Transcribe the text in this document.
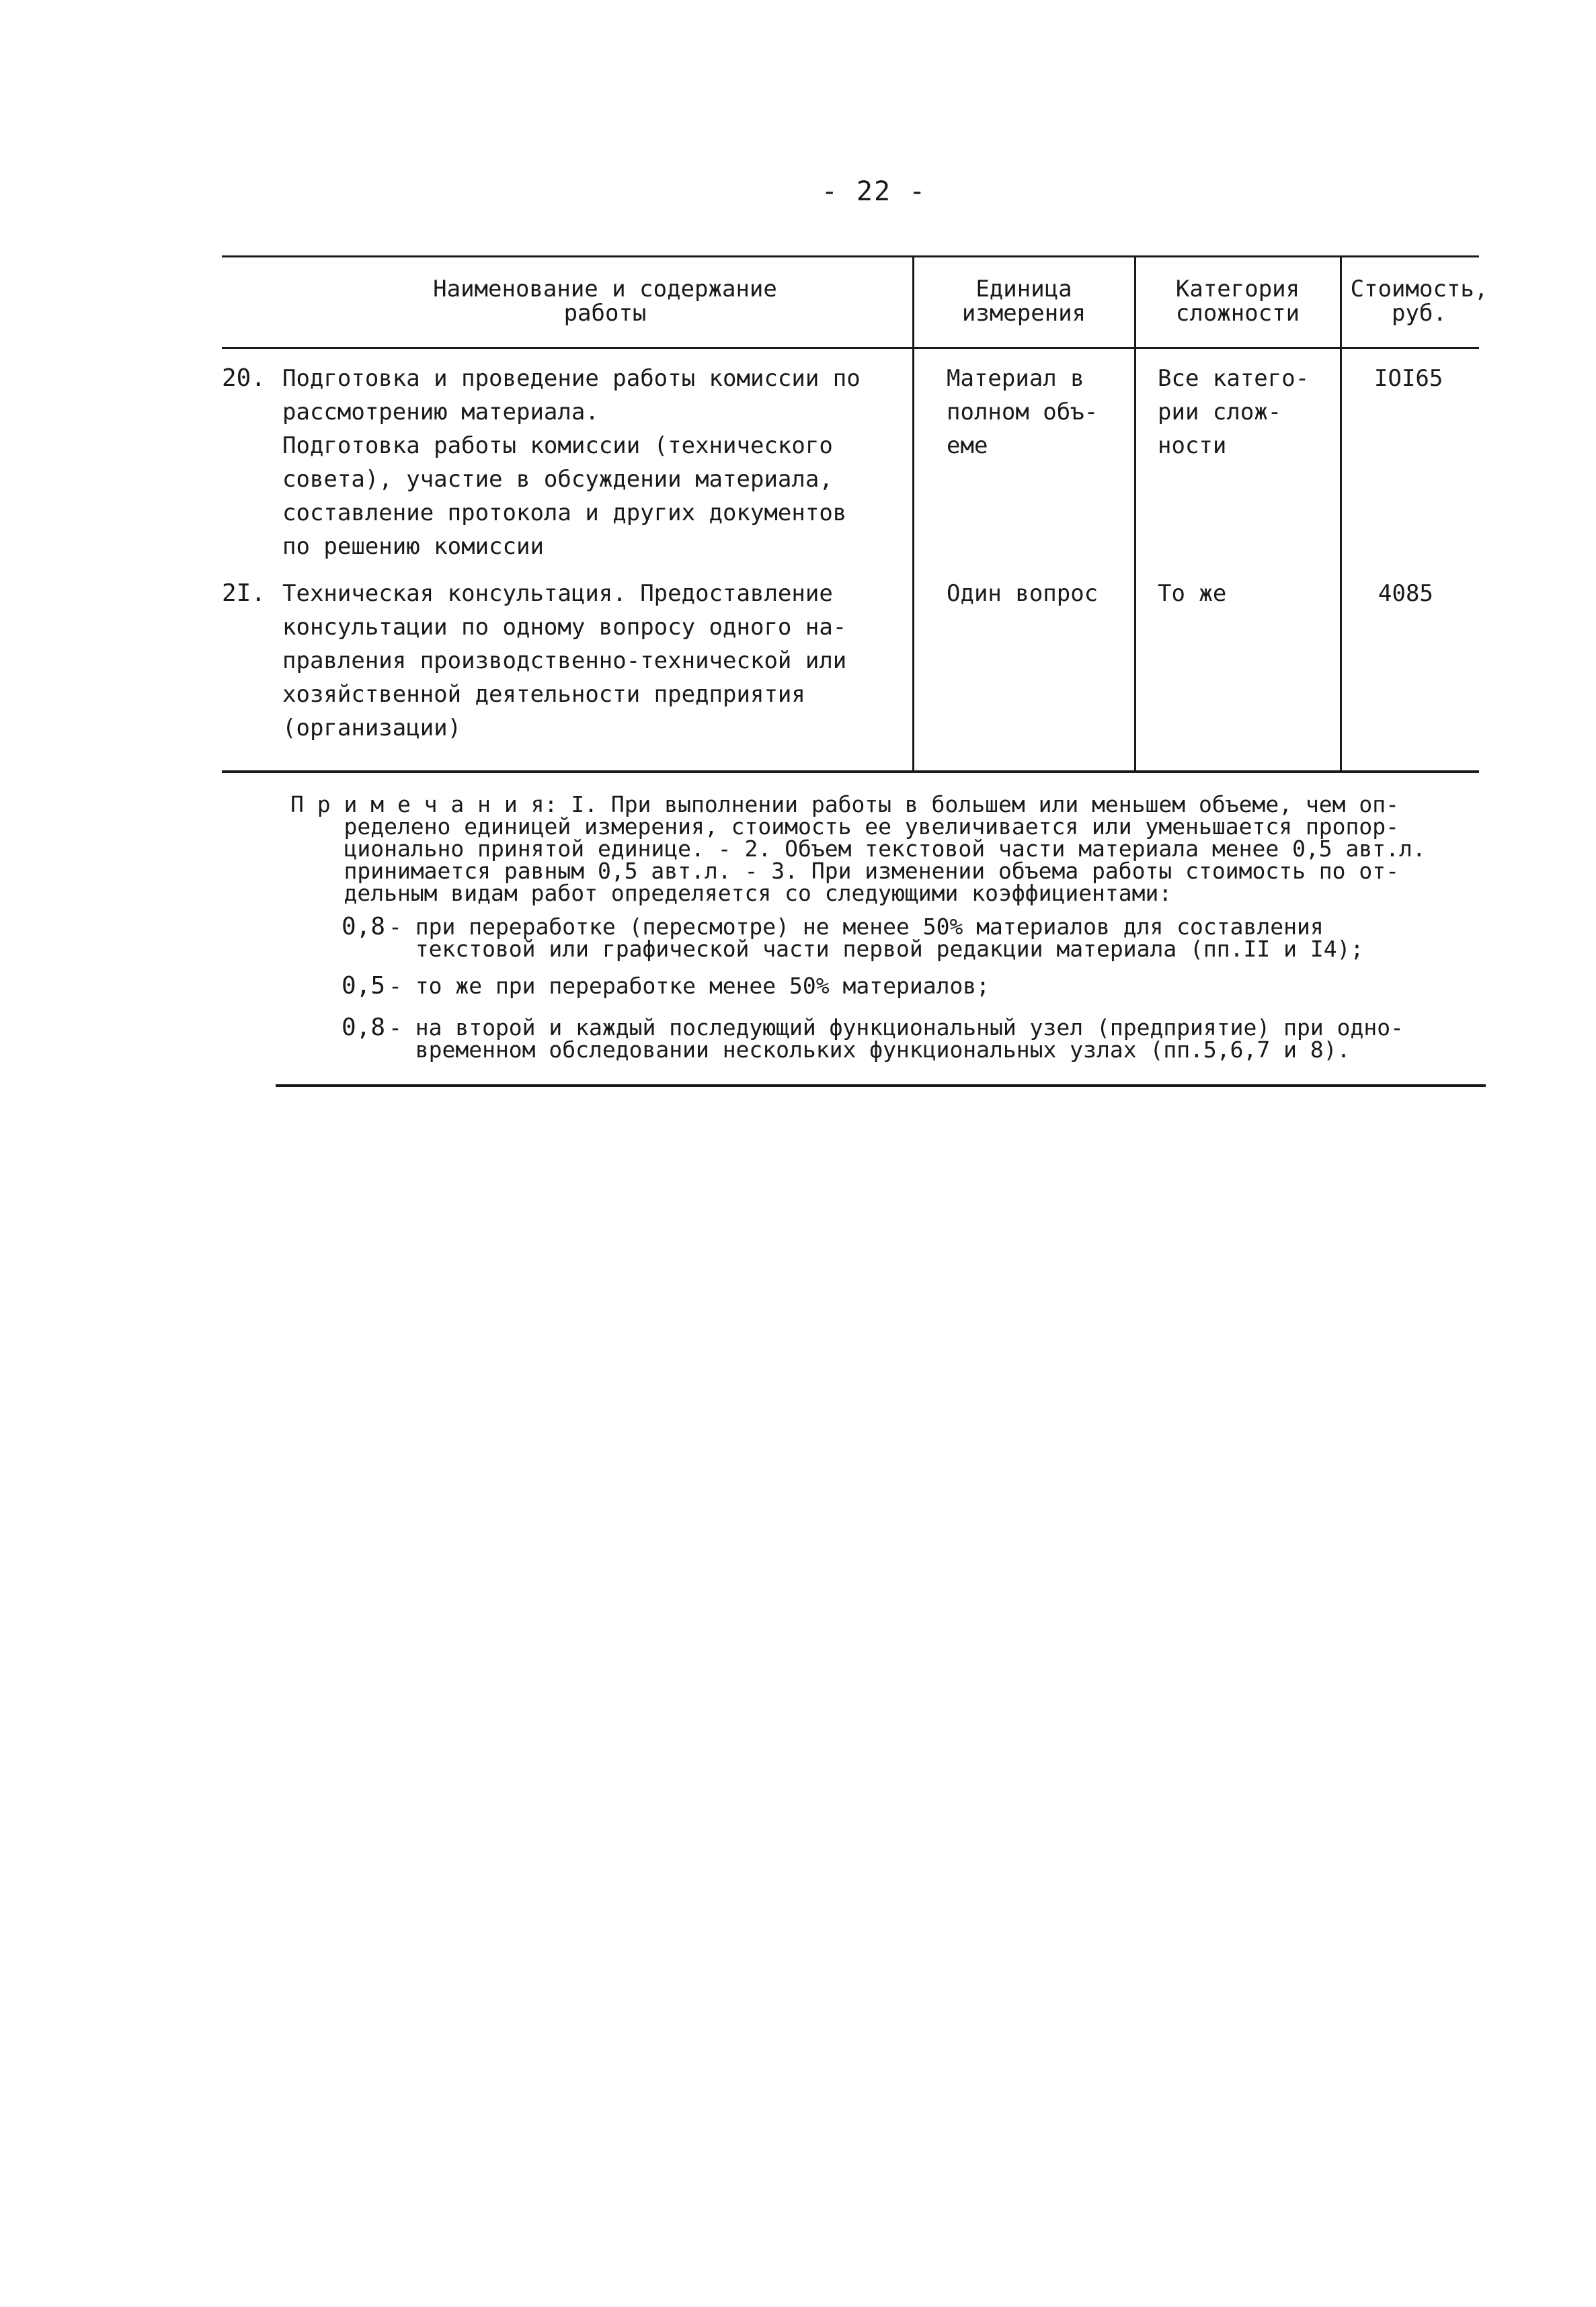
- 22 -
Наименование и содержание
работы
Единица
измерения
Категория
сложности
Стоимость,
руб.
20. Подготовка и проведение работы комиссии по
рассмотрению материала.
Подготовка работы комиссии (технического
совета), участие в обсуждении материала,
составление протокола и других документов
по решению комиссии
Материал в
полном объ-
еме
Все катего-
рии слож-
ности
IOI65
2I. Техническая консультация. Предоставление
консультации по одному вопросу одного на-
правления производственно-технической или
хозяйственной деятельности предприятия
(организации)
Один вопрос	То же	4085
П р и м е ч а н и я: I. При выполнении работы в большем или меньшем объеме, чем оп-
ределено единицей измерения, стоимость ее увеличивается или уменьшается пропор-
ционально принятой единице. - 2. Объем текстовой части материала менее 0,5 авт.л.
принимается равным 0,5 авт.л. - 3. При изменении объема работы стоимость по от-
дельным видам работ определяется со следующими коэффициентами:
0,8 - при переработке (пересмотре) не менее 50% материалов для составления
текстовой или графической части первой редакции материала (пп.II и I4);
0,5 - то же при переработке менее 50% материалов;
0,8 - на второй и каждый последующий функциональный узел (предприятие) при одно-
временном обследовании нескольких функциональных узлах (пп.5,6,7 и 8).
